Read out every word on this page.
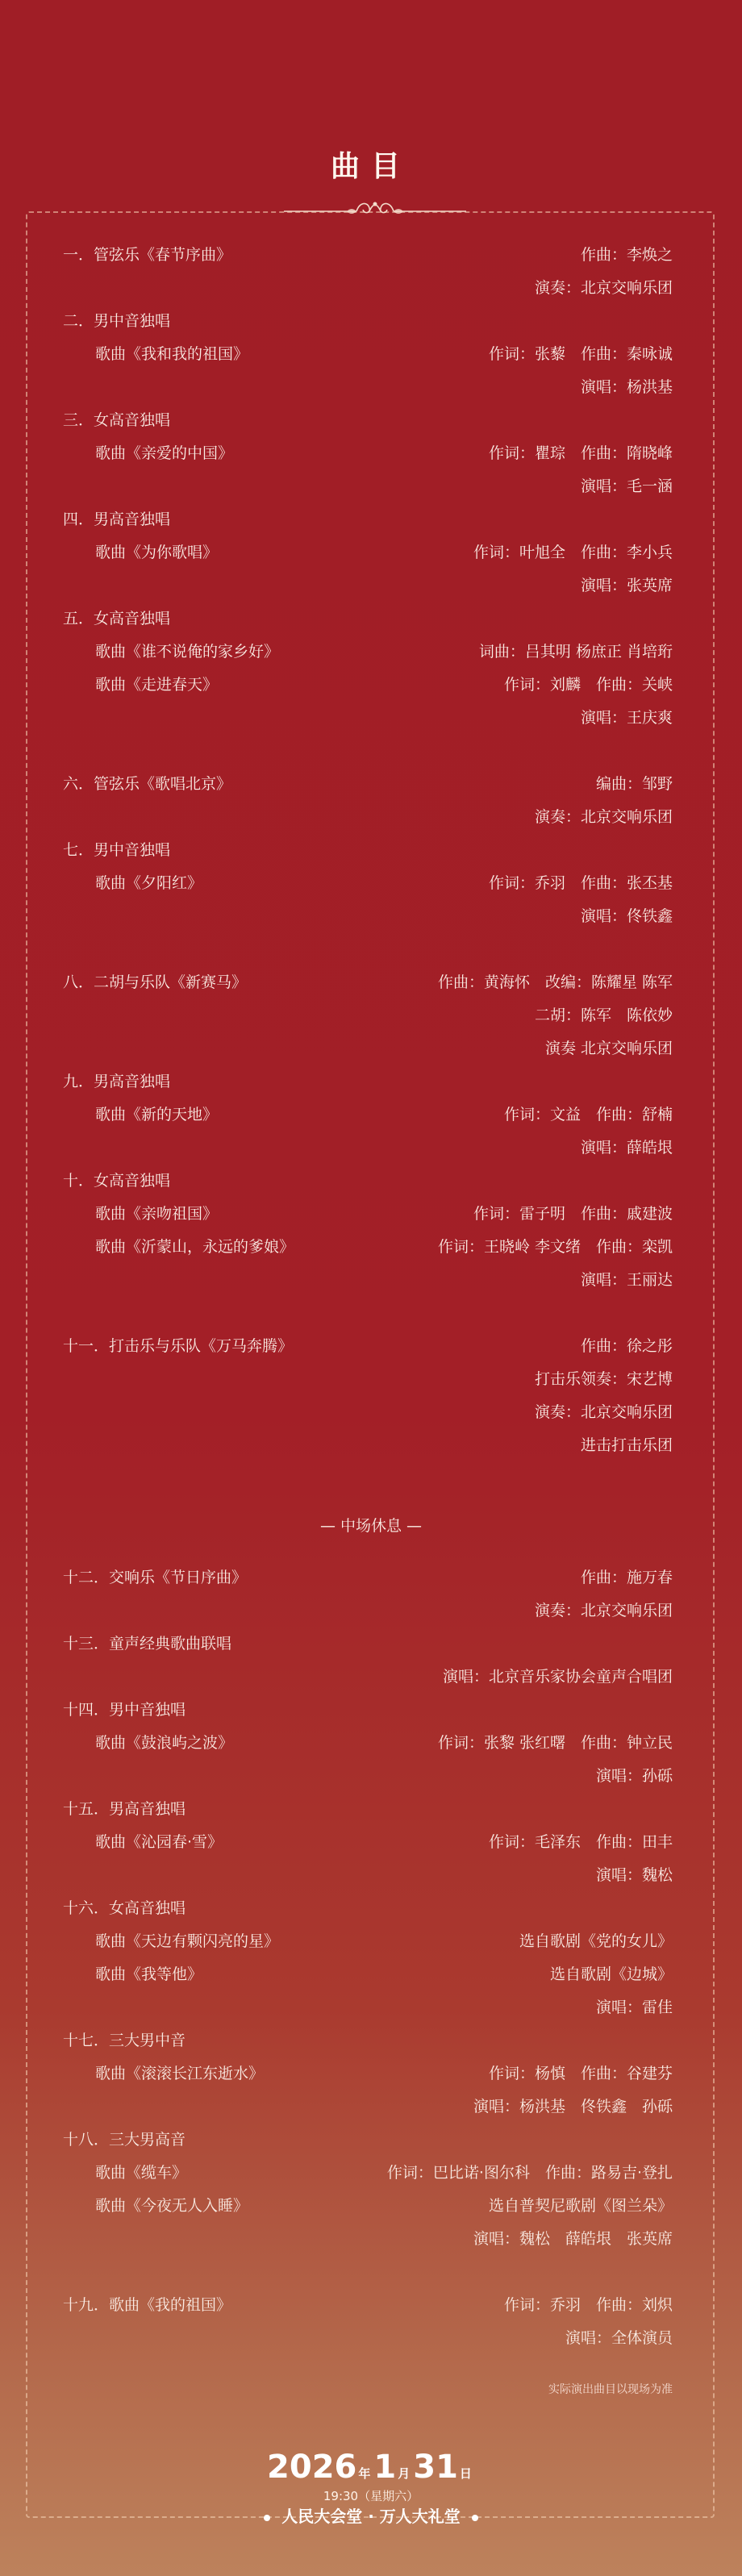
曲目
一．管弦乐《春节序曲》	作曲：李焕之
演奏：北京交响乐团
二．男中音独唱
歌曲《我和我的祖国》	作词：张藜　作曲：秦咏诚
演唱：杨洪基
三．女高音独唱
歌曲《亲爱的中国》	作词：瞿琮　作曲：隋晓峰
演唱：毛一涵
四．男高音独唱
歌曲《为你歌唱》	作词：叶旭全　作曲：李小兵
演唱：张英席
五．女高音独唱
歌曲《谁不说俺的家乡好》	词曲：吕其明 杨庶正 肖培珩
歌曲《走进春天》	作词：刘麟　作曲：关峡
演唱：王庆爽
六．管弦乐《歌唱北京》	编曲：邹野
演奏：北京交响乐团
七．男中音独唱
歌曲《夕阳红》	作词：乔羽　作曲：张丕基
演唱：佟铁鑫
八．二胡与乐队《新赛马》	作曲：黄海怀　改编：陈耀星 陈军
二胡：陈军　陈依妙
演奏 北京交响乐团
九．男高音独唱
歌曲《新的天地》	作词：文益　作曲：舒楠
演唱：薛皓垠
十．女高音独唱
歌曲《亲吻祖国》	作词：雷子明　作曲：戚建波
歌曲《沂蒙山，永远的爹娘》	作词：王晓岭 李文绪　作曲：栾凯
演唱：王丽达
十一．打击乐与乐队《万马奔腾》	作曲：徐之彤
打击乐领奏：宋艺博
演奏：北京交响乐团
进击打击乐团
十二．交响乐《节日序曲》	作曲：施万春
演奏：北京交响乐团
十三．童声经典歌曲联唱
演唱：北京音乐家协会童声合唱团
十四．男中音独唱
歌曲《鼓浪屿之波》	作词：张黎 张红曙　作曲：钟立民
演唱：孙砾
十五．男高音独唱
歌曲《沁园春·雪》	作词：毛泽东　作曲：田丰
演唱：魏松
十六．女高音独唱
歌曲《天边有颗闪亮的星》	选自歌剧《党的女儿》
歌曲《我等他》	选自歌剧《边城》
演唱：雷佳
十七．三大男中音
歌曲《滚滚长江东逝水》	作词：杨慎　作曲：谷建芬
演唱：杨洪基　佟铁鑫　孙砾
十八．三大男高音
歌曲《缆车》	作词：巴比诺·图尔科　作曲：路易吉·登扎
歌曲《今夜无人入睡》	选自普契尼歌剧《图兰朵》
演唱：魏松　薛皓垠　张英席
十九．歌曲《我的祖国》	作词：乔羽　作曲：刘炽
演唱：全体演员
— 中场休息 —
实际演出曲目以现场为准
2026 年 1 月 31 日
19:30（星期六）
人民大会堂 · 万人大礼堂
